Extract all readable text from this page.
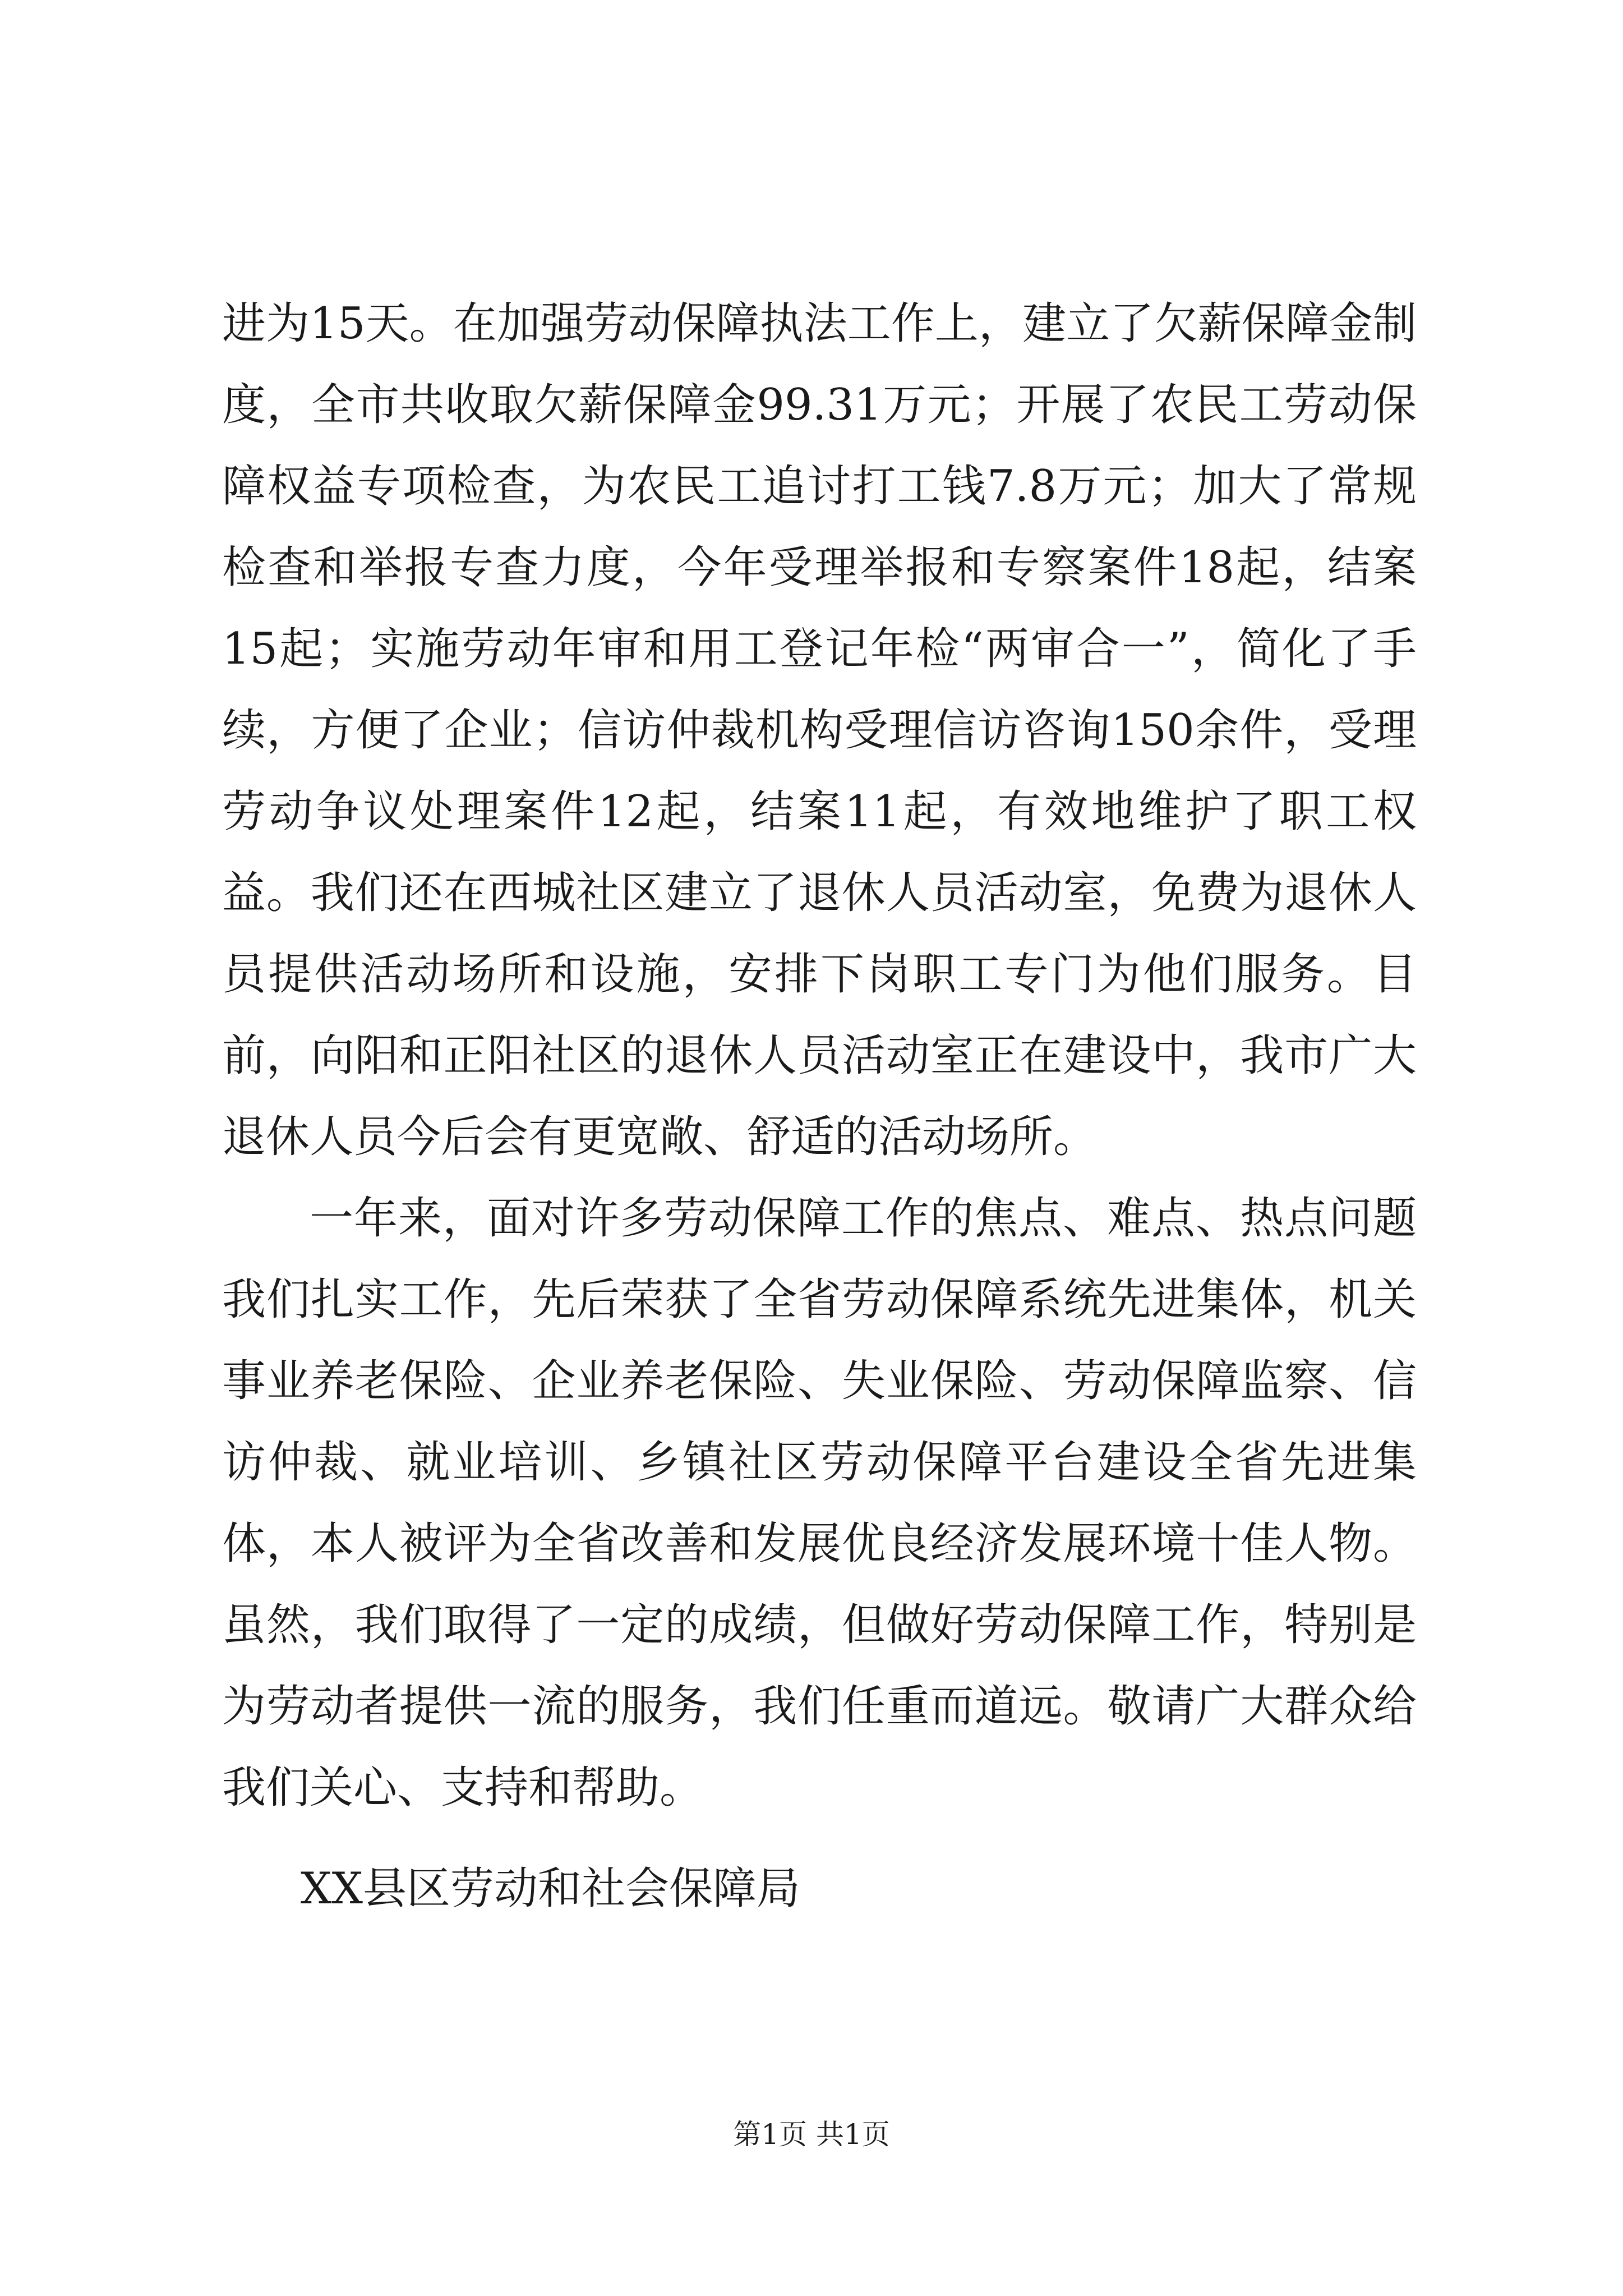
进为15天。在加强劳动保障执法工作上，建立了欠薪保障金制度，全市共收取欠薪保障金99.31万元；开展了农民工劳动保障权益专项检查，为农民工追讨打工钱7.8万元；加大了常规检查和举报专查力度，今年受理举报和专察案件18起，结案15起；实施劳动年审和用工登记年检“两审合一”，简化了手续，方便了企业；信访仲裁机构受理信访咨询150余件，受理劳动争议处理案件12起，结案11起，有效地维护了职工权益。我们还在西城社区建立了退休人员活动室，免费为退休人员提供活动场所和设施，安排下岗职工专门为他们服务。目前，向阳和正阳社区的退休人员活动室正在建设中，我市广大退休人员今后会有更宽敞、舒适的活动场所。

一年来，面对许多劳动保障工作的焦点、难点、热点问题我们扎实工作，先后荣获了全省劳动保障系统先进集体，机关事业养老保险、企业养老保险、失业保险、劳动保障监察、信访仲裁、就业培训、乡镇社区劳动保障平台建设全省先进集体，本人被评为全省改善和发展优良经济发展环境十佳人物。虽然，我们取得了一定的成绩，但做好劳动保障工作，特别是为劳动者提供一流的服务，我们任重而道远。敬请广大群众给我们关心、支持和帮助。

XX县区劳动和社会保障局
第1页 共1页
